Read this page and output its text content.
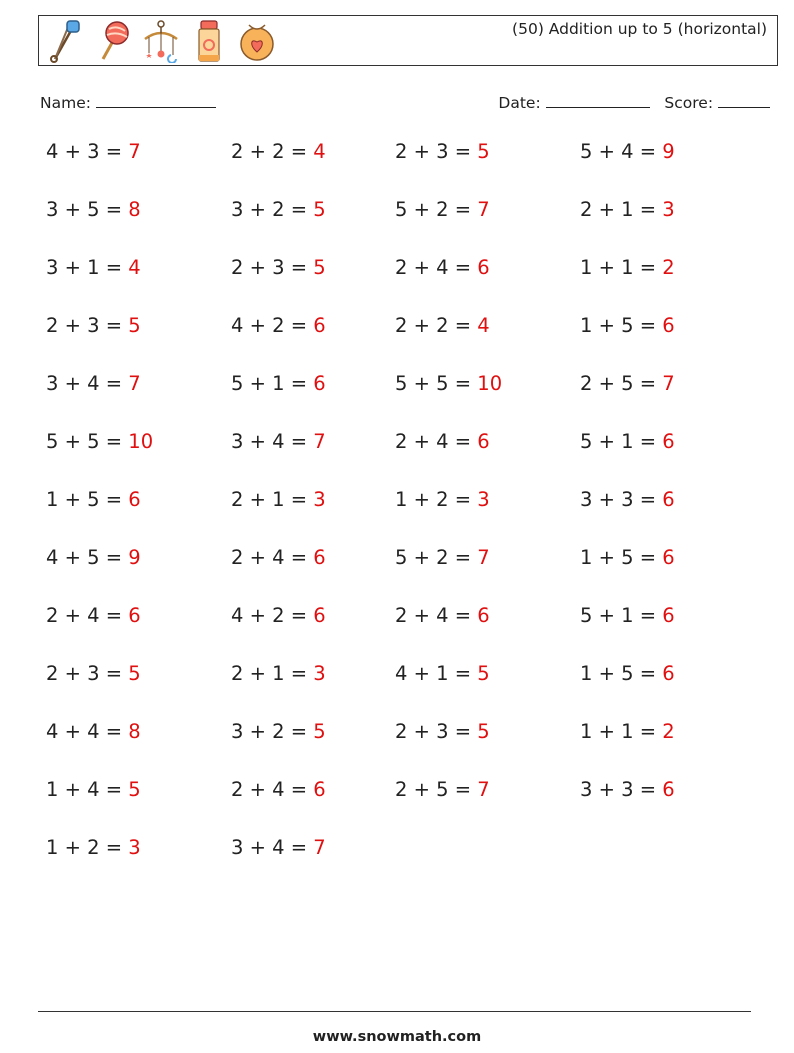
(50) Addition up to 5 (horizontal)
Name:	Date:	Score:
4 + 3 = 7	2 + 2 = 4	2 + 3 = 5	5 + 4 = 9
3 + 5 = 8	3 + 2 = 5	5 + 2 = 7	2 + 1 = 3
3 + 1 = 4	2 + 3 = 5	2 + 4 = 6	1 + 1 = 2
2 + 3 = 5	4 + 2 = 6	2 + 2 = 4	1 + 5 = 6
3 + 4 = 7	5 + 1 = 6	5 + 5 = 10	2 + 5 = 7
5 + 5 = 10	3 + 4 = 7	2 + 4 = 6	5 + 1 = 6
1 + 5 = 6	2 + 1 = 3	1 + 2 = 3	3 + 3 = 6
4 + 5 = 9	2 + 4 = 6	5 + 2 = 7	1 + 5 = 6
2 + 4 = 6	4 + 2 = 6	2 + 4 = 6	5 + 1 = 6
2 + 3 = 5	2 + 1 = 3	4 + 1 = 5	1 + 5 = 6
4 + 4 = 8	3 + 2 = 5	2 + 3 = 5	1 + 1 = 2
1 + 4 = 5	2 + 4 = 6	2 + 5 = 7	3 + 3 = 6
1 + 2 = 3	3 + 4 = 7
www.snowmath.com
